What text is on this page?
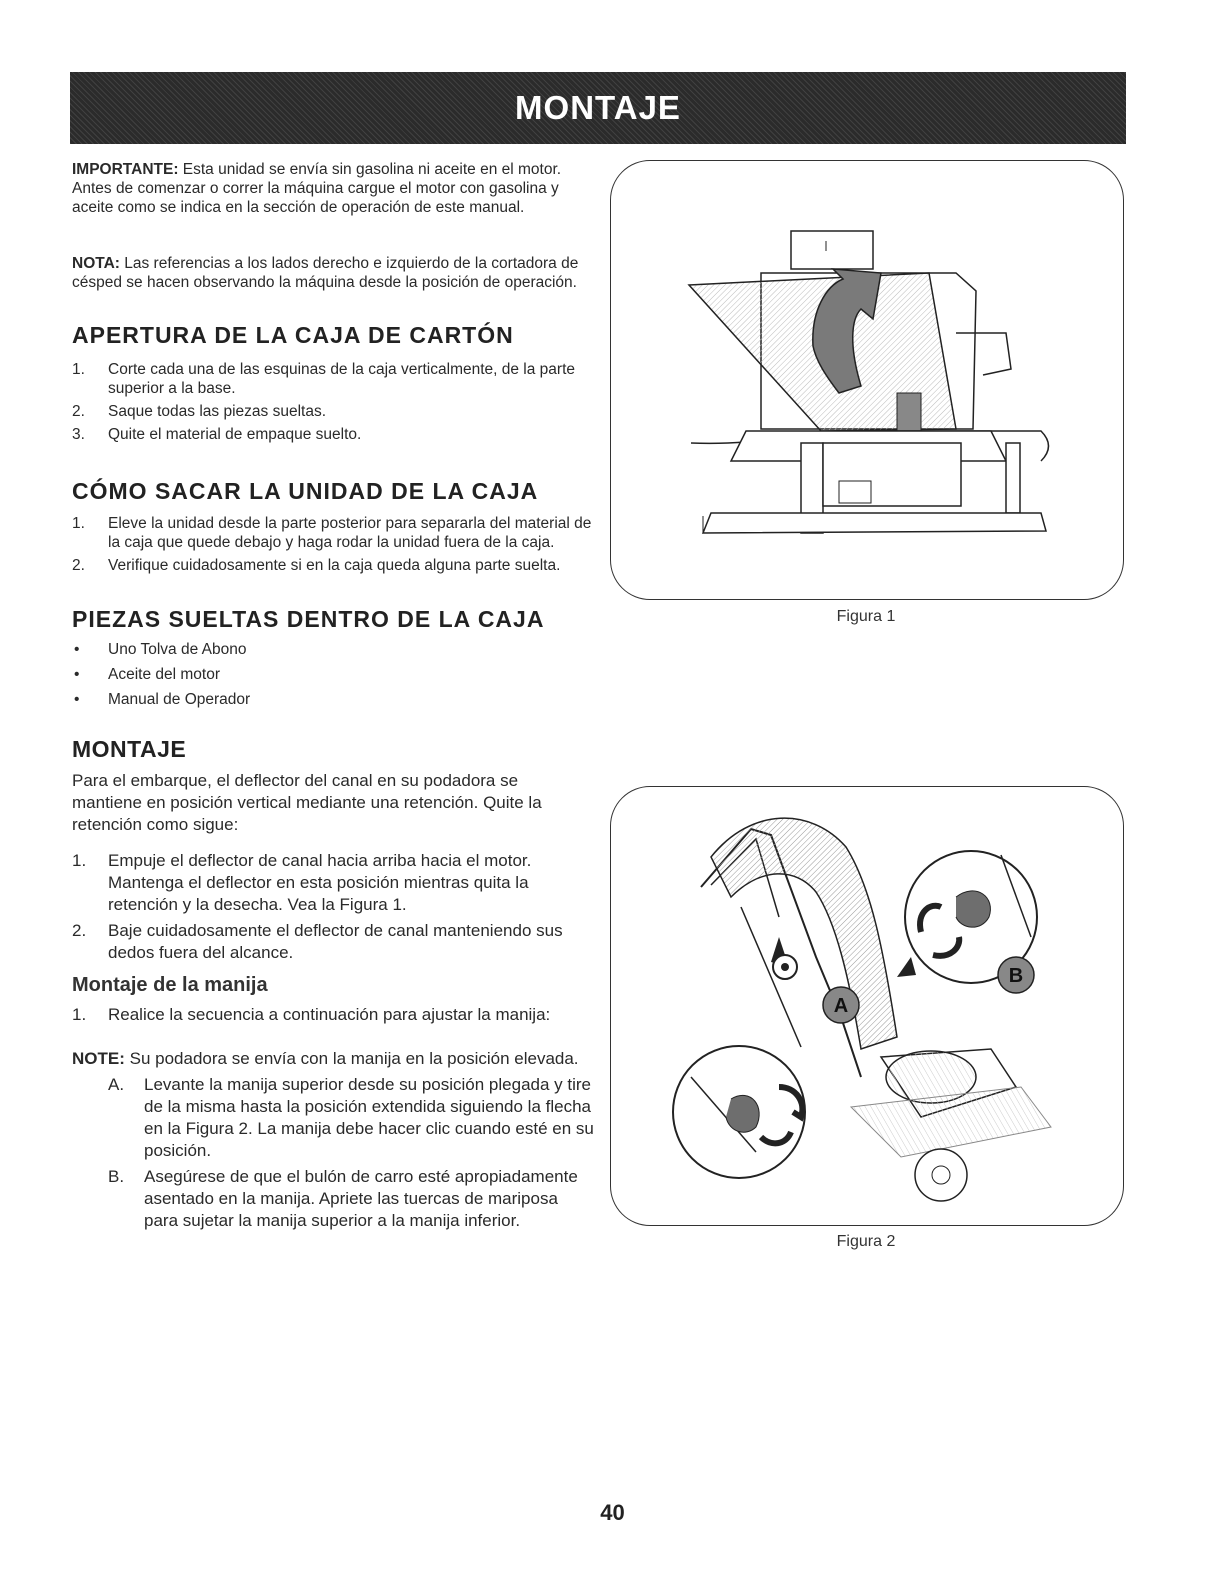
MONTAJE
IMPORTANTE: Esta unidad se envía sin gasolina ni aceite en el motor. Antes de comenzar o correr la máquina cargue el motor con gasolina y aceite como se indica en la sección de operación de este manual.
NOTA: Las referencias a los lados derecho e izquierdo de la cortadora de césped se hacen observando la máquina desde la posición de operación.
APERTURA DE LA CAJA DE CARTÓN
1. Corte cada una de las esquinas de la caja verticalmente, de la parte superior a la base.
2. Saque todas las piezas sueltas.
3. Quite el material de empaque suelto.
CÓMO SACAR LA UNIDAD DE LA CAJA
1. Eleve la unidad desde la parte posterior para separarla del material de la caja que quede debajo y haga rodar la unidad fuera de la caja.
2. Verifique cuidadosamente si en la caja queda alguna parte suelta.
PIEZAS SUELTAS DENTRO DE LA CAJA
• Uno Tolva de Abono
• Aceite del motor
• Manual de Operador
MONTAJE

Para el embarque, el deflector del canal en su podadora se mantiene en posición vertical mediante una retención. Quite la retención como sigue:

1. Empuje el deflector de canal hacia arriba hacia el motor. Mantenga el deflector en esta posición mientras quita la retención y la desecha. Vea la Figura 1.
2. Baje cuidadosamente el deflector de canal manteniendo sus dedos fuera del alcance.
Montaje de la manija
1. Realice la secuencia a continuación para ajustar la manija:
NOTE: Su podadora se envía con la manija en la posición elevada.
A. Levante la manija superior desde su posición plegada y tire de la misma hasta la posición extendida siguiendo la flecha en la Figura 2. La manija debe hacer clic cuando esté en su posición.
B. Asegúrese de que el bulón de carro esté apropiadamente asentado en la manija. Apriete las tuercas de mariposa para sujetar la manija superior a la manija inferior.
Figura 1
A
B
Figura 2
40
